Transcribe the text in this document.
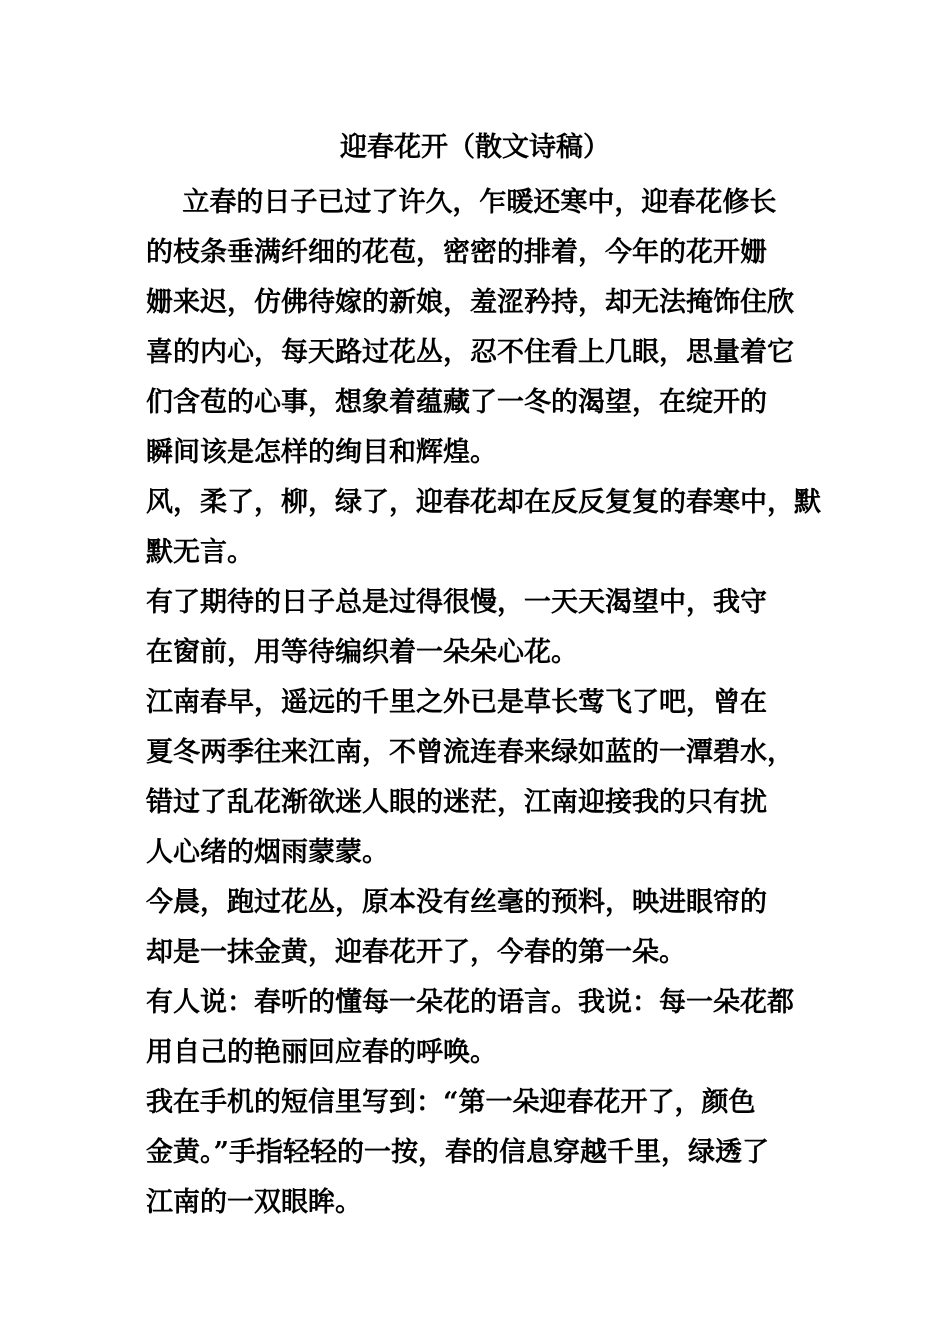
迎春花开（散文诗稿）
　 立春的日子已过了许久，乍暖还寒中，迎春花修长
的枝条垂满纤细的花苞，密密的排着，今年的花开姗
姗来迟，仿佛待嫁的新娘，羞涩矜持，却无法掩饰住欣
喜的内心，每天路过花丛，忍不住看上几眼，思量着它
们含苞的心事，想象着蕴藏了一冬的渴望，在绽开的
瞬间该是怎样的绚目和辉煌。
风，柔了，柳，绿了，迎春花却在反反复复的春寒中，默
默无言。
有了期待的日子总是过得很慢，一天天渴望中，我守
在窗前，用等待编织着一朵朵心花。
江南春早，遥远的千里之外已是草长莺飞了吧，曾在
夏冬两季往来江南，不曾流连春来绿如蓝的一潭碧水，
错过了乱花渐欲迷人眼的迷茫，江南迎接我的只有扰
人心绪的烟雨蒙蒙。
今晨，跑过花丛，原本没有丝毫的预料，映进眼帘的
却是一抹金黄，迎春花开了，今春的第一朵。
有人说：春听的懂每一朵花的语言。我说：每一朵花都
用自己的艳丽回应春的呼唤。
我在手机的短信里写到：“第一朵迎春花开了，颜色
金黄。”手指轻轻的一按，春的信息穿越千里，绿透了
江南的一双眼眸。
